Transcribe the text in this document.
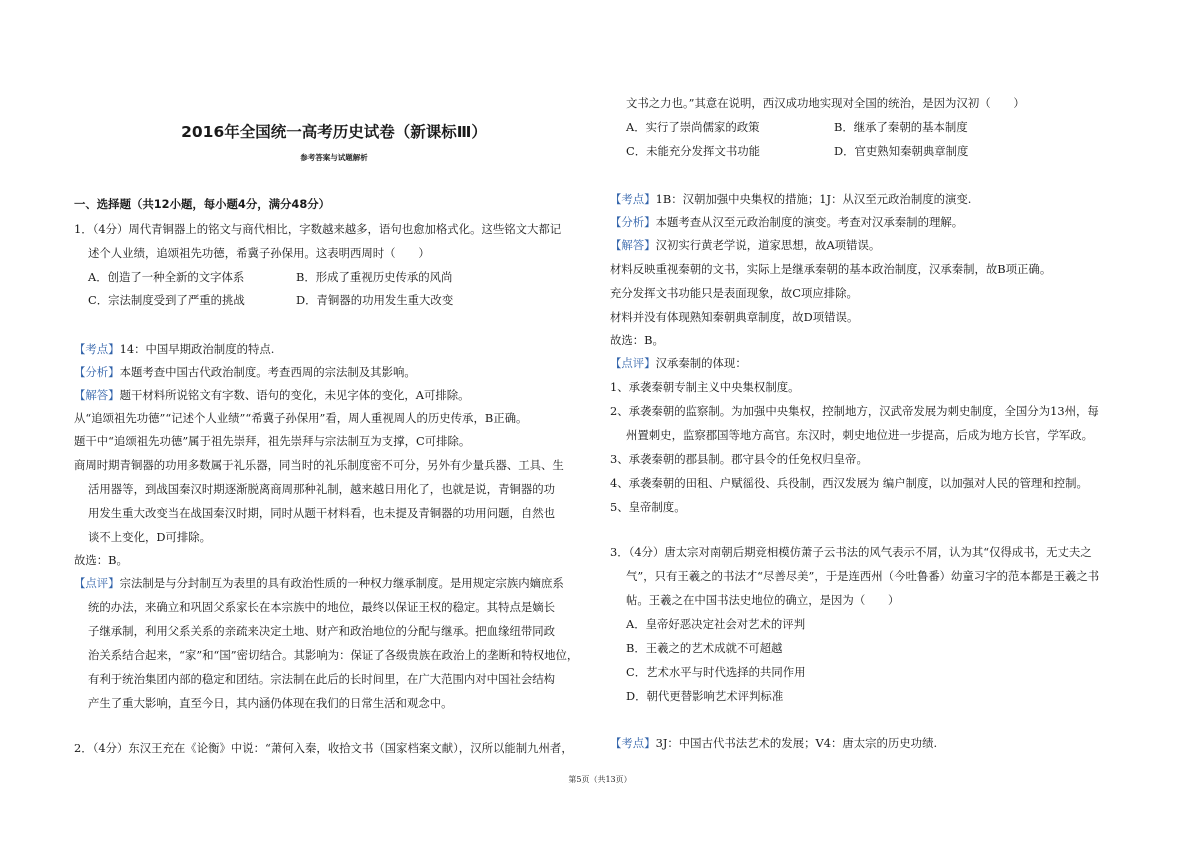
2016年全国统一高考历史试卷（新课标Ⅲ）
参考答案与试题解析
一、选择题（共12小题，每小题4分，满分48分）
1．（4分）周代青铜器上的铭文与商代相比，字数越来越多，语句也愈加格式化。这些铭文大都记
述个人业绩，追颂祖先功德，希冀子孙保用。这表明西周时（　　）
A．创造了一种全新的文字体系	B．形成了重视历史传承的风尚
C．宗法制度受到了严重的挑战	D．青铜器的功用发生重大改变
【考点】14：中国早期政治制度的特点.
【分析】本题考查中国古代政治制度。考查西周的宗法制及其影响。
【解答】题干材料所说铭文有字数、语句的变化，未见字体的变化，A可排除。
从“追颂祖先功德”“记述个人业绩”“希冀子孙保用”看，周人重视周人的历史传承，B正确。
题干中“追颂祖先功德”属于祖先崇拜，祖先崇拜与宗法制互为支撑，C可排除。
商周时期青铜器的功用多数属于礼乐器，同当时的礼乐制度密不可分，另外有少量兵器、工具、生
活用器等，到战国秦汉时期逐渐脱离商周那种礼制，越来越日用化了，也就是说，青铜器的功
用发生重大改变当在战国秦汉时期，同时从题干材料看，也未提及青铜器的功用问题，自然也
谈不上变化，D可排除。
故选：B。
【点评】宗法制是与分封制互为表里的具有政治性质的一种权力继承制度。是用规定宗族内嫡庶系
统的办法，来确立和巩固父系家长在本宗族中的地位，最终以保证王权的稳定。其特点是嫡长
子继承制，利用父系关系的亲疏来决定土地、财产和政治地位的分配与继承。把血缘纽带同政
治关系结合起来，“家”和“国”密切结合。其影响为：保证了各级贵族在政治上的垄断和特权地位，
有利于统治集团内部的稳定和团结。宗法制在此后的长时间里，在广大范围内对中国社会结构
产生了重大影响，直至今日，其内涵仍体现在我们的日常生活和观念中。
2．（4分）东汉王充在《论衡》中说：“萧何入秦，收拾文书（国家档案文献），汉所以能制九州者，
文书之力也。”其意在说明，西汉成功地实现对全国的统治，是因为汉初（　　）
A．实行了崇尚儒家的政策	B．继承了秦朝的基本制度
C．未能充分发挥文书功能	D．官吏熟知秦朝典章制度
【考点】1B：汉朝加强中央集权的措施；1J：从汉至元政治制度的演变.
【分析】本题考查从汉至元政治制度的演变。考查对汉承秦制的理解。
【解答】汉初实行黄老学说，道家思想，故A项错误。
材料反映重视秦朝的文书，实际上是继承秦朝的基本政治制度，汉承秦制，故B项正确。
充分发挥文书功能只是表面现象，故C项应排除。
材料并没有体现熟知秦朝典章制度，故D项错误。
故选：B。
【点评】汉承秦制的体现：
1、承袭秦朝专制主义中央集权制度。
2、承袭秦朝的监察制。为加强中央集权，控制地方，汉武帝发展为刺史制度，全国分为13州，每
州置刺史，监察郡国等地方高官。东汉时，刺史地位进一步提高，后成为地方长官，学军政。
3、承袭秦朝的郡县制。郡守县令的任免权归皇帝。
4、承袭秦朝的田租、户赋徭役、兵役制，西汉发展为 编户制度，以加强对人民的管理和控制。
5、皇帝制度。
3．（4分）唐太宗对南朝后期竞相模仿萧子云书法的风气表示不屑，认为其“仅得成书，无丈夫之
气”，只有王羲之的书法才“尽善尽美”，于是连西州（今吐鲁番）幼童习字的范本都是王羲之书
帖。王羲之在中国书法史地位的确立，是因为（　　）
A．皇帝好恶决定社会对艺术的评判
B．王羲之的艺术成就不可超越
C．艺术水平与时代选择的共同作用
D．朝代更替影响艺术评判标准
【考点】3J：中国古代书法艺术的发展；V4：唐太宗的历史功绩.
第5页（共13页）
